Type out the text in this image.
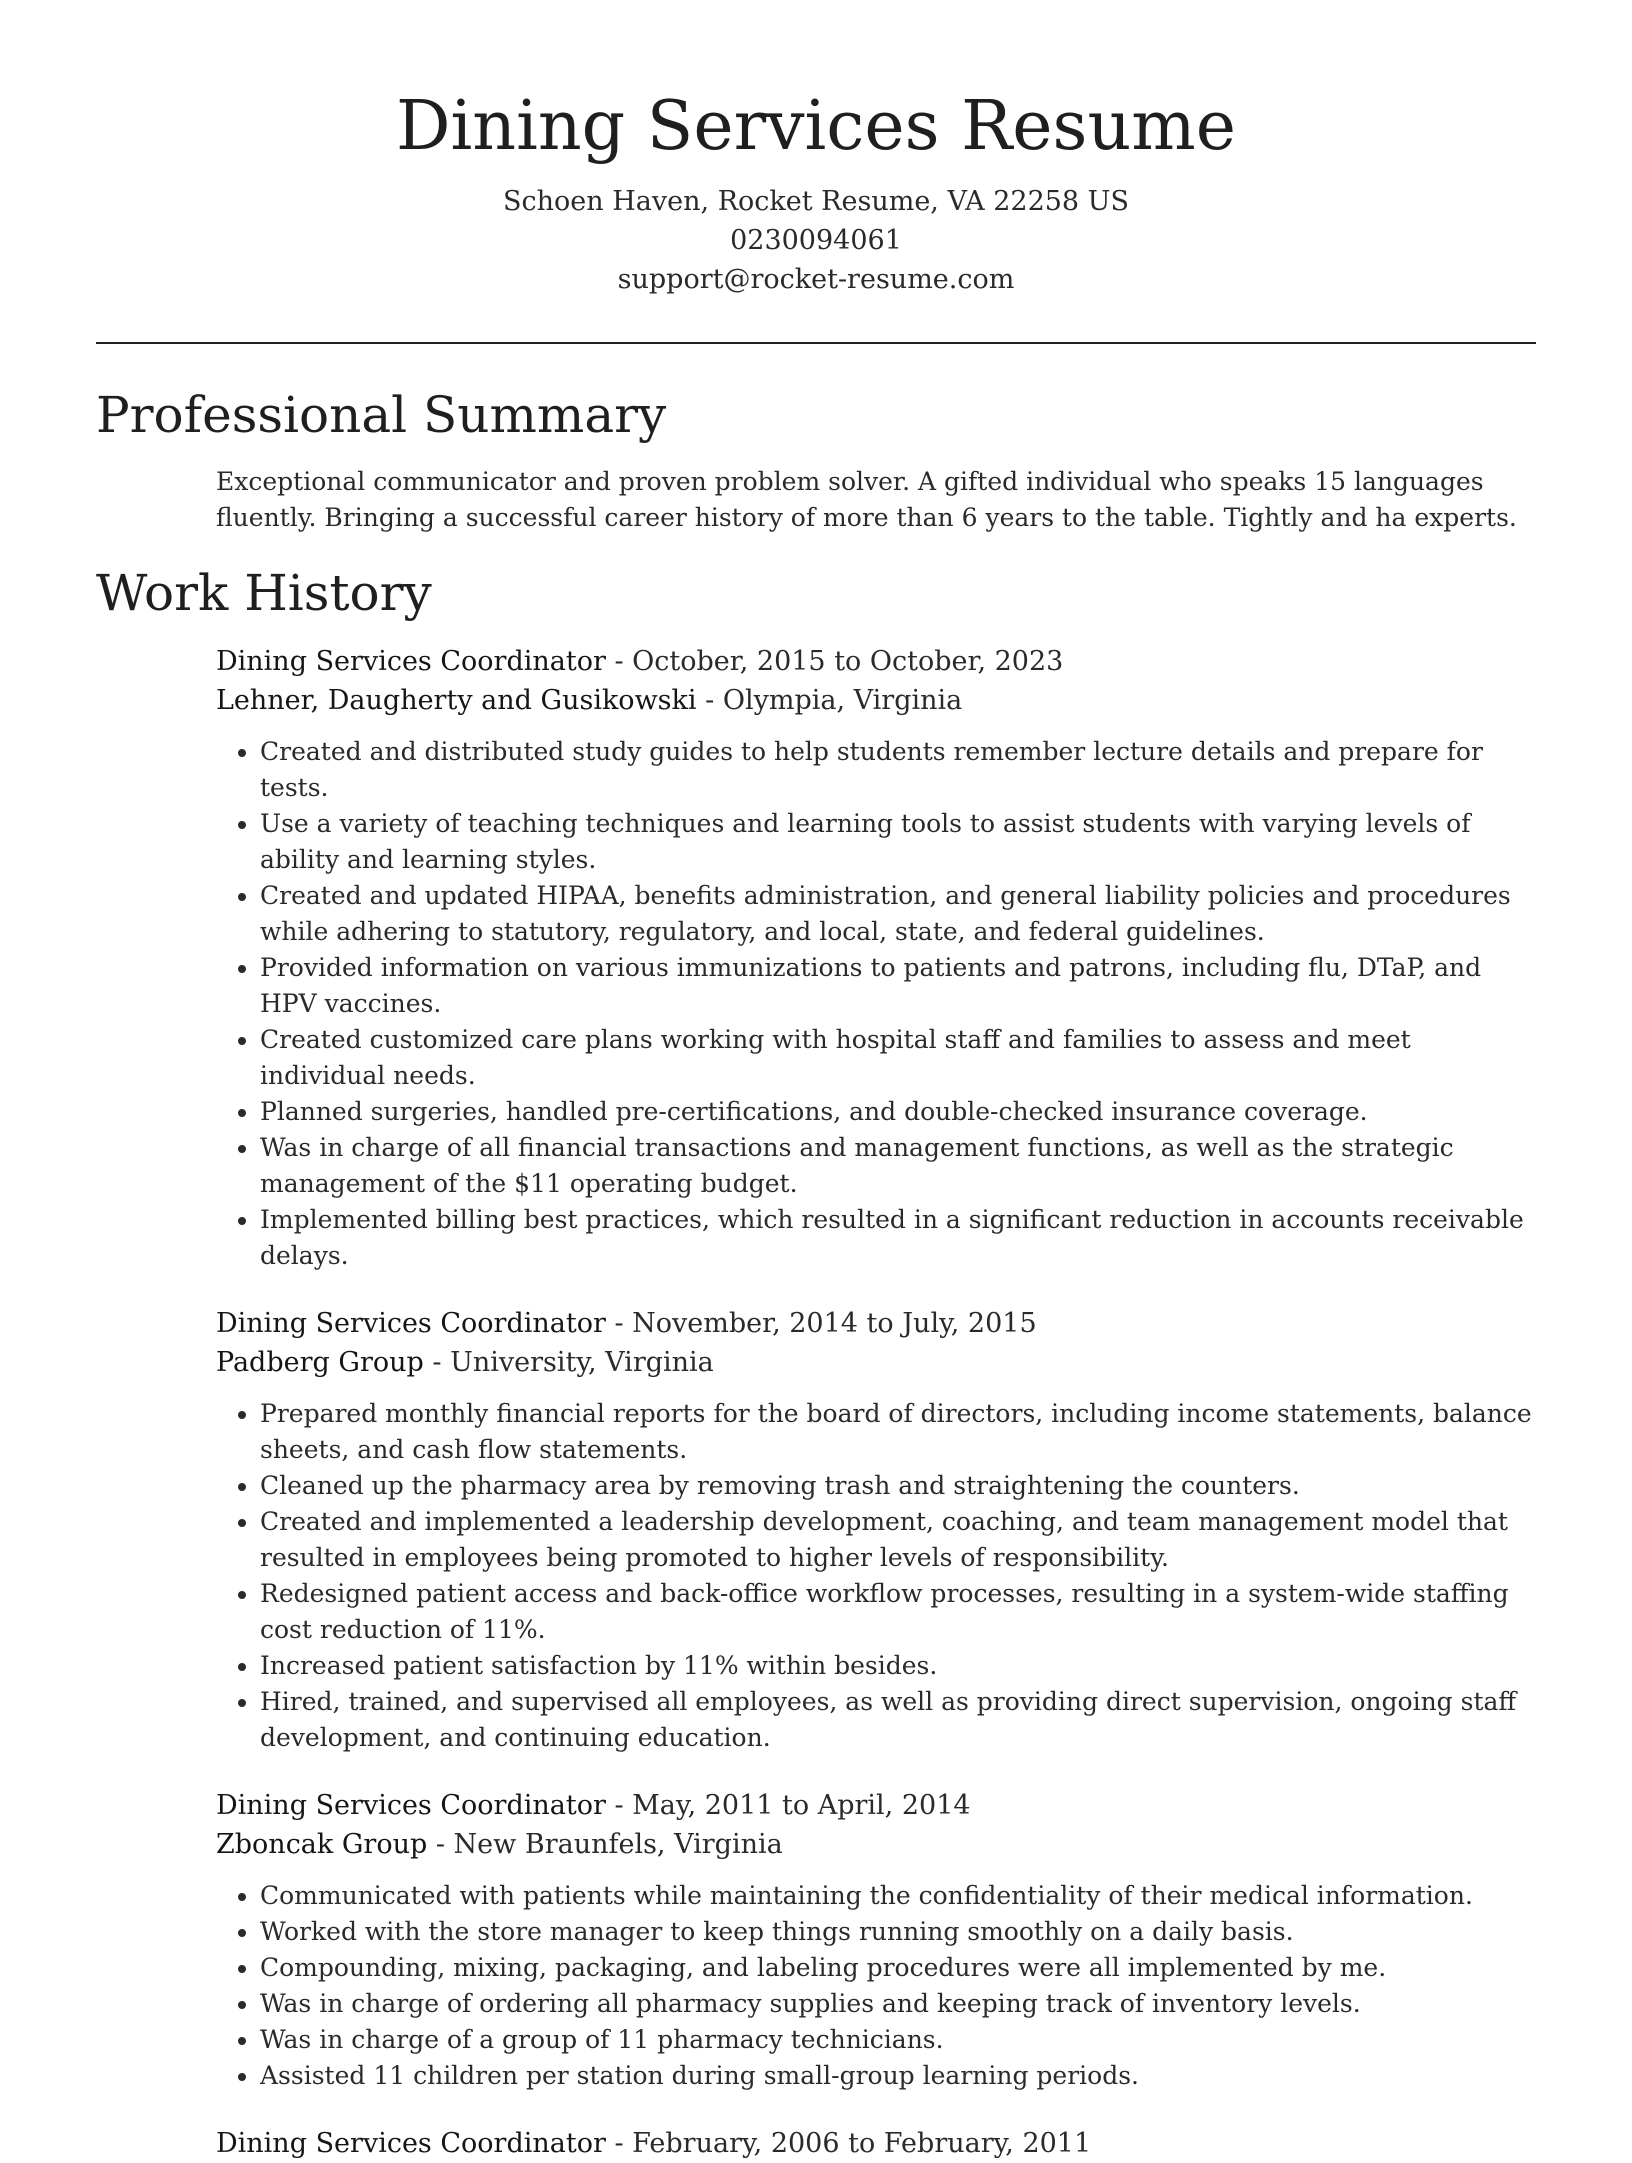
Dining Services Resume
Schoen Haven, Rocket Resume, VA 22258 US
0230094061
support@rocket-resume.com
Professional Summary
Exceptional communicator and proven problem solver. A gifted individual who speaks 15 languages fluently. Bringing a successful career history of more than 6 years to the table. Tightly and ha experts.
Work History
Dining Services Coordinator - October, 2015 to October, 2023
Lehner, Daugherty and Gusikowski - Olympia, Virginia
• Created and distributed study guides to help students remember lecture details and prepare for tests.
• Use a variety of teaching techniques and learning tools to assist students with varying levels of ability and learning styles.
• Created and updated HIPAA, benefits administration, and general liability policies and procedures while adhering to statutory, regulatory, and local, state, and federal guidelines.
• Provided information on various immunizations to patients and patrons, including flu, DTaP, and HPV vaccines.
• Created customized care plans working with hospital staff and families to assess and meet individual needs.
• Planned surgeries, handled pre-certifications, and double-checked insurance coverage.
• Was in charge of all financial transactions and management functions, as well as the strategic management of the $11 operating budget.
• Implemented billing best practices, which resulted in a significant reduction in accounts receivable delays.
Dining Services Coordinator - November, 2014 to July, 2015
Padberg Group - University, Virginia
• Prepared monthly financial reports for the board of directors, including income statements, balance sheets, and cash flow statements.
• Cleaned up the pharmacy area by removing trash and straightening the counters.
• Created and implemented a leadership development, coaching, and team management model that resulted in employees being promoted to higher levels of responsibility.
• Redesigned patient access and back-office workflow processes, resulting in a system-wide staffing cost reduction of 11%.
• Increased patient satisfaction by 11% within besides.
• Hired, trained, and supervised all employees, as well as providing direct supervision, ongoing staff development, and continuing education.
Dining Services Coordinator - May, 2011 to April, 2014
Zboncak Group - New Braunfels, Virginia
• Communicated with patients while maintaining the confidentiality of their medical information.
• Worked with the store manager to keep things running smoothly on a daily basis.
• Compounding, mixing, packaging, and labeling procedures were all implemented by me.
• Was in charge of ordering all pharmacy supplies and keeping track of inventory levels.
• Was in charge of a group of 11 pharmacy technicians.
• Assisted 11 children per station during small-group learning periods.
Dining Services Coordinator - February, 2006 to February, 2011
